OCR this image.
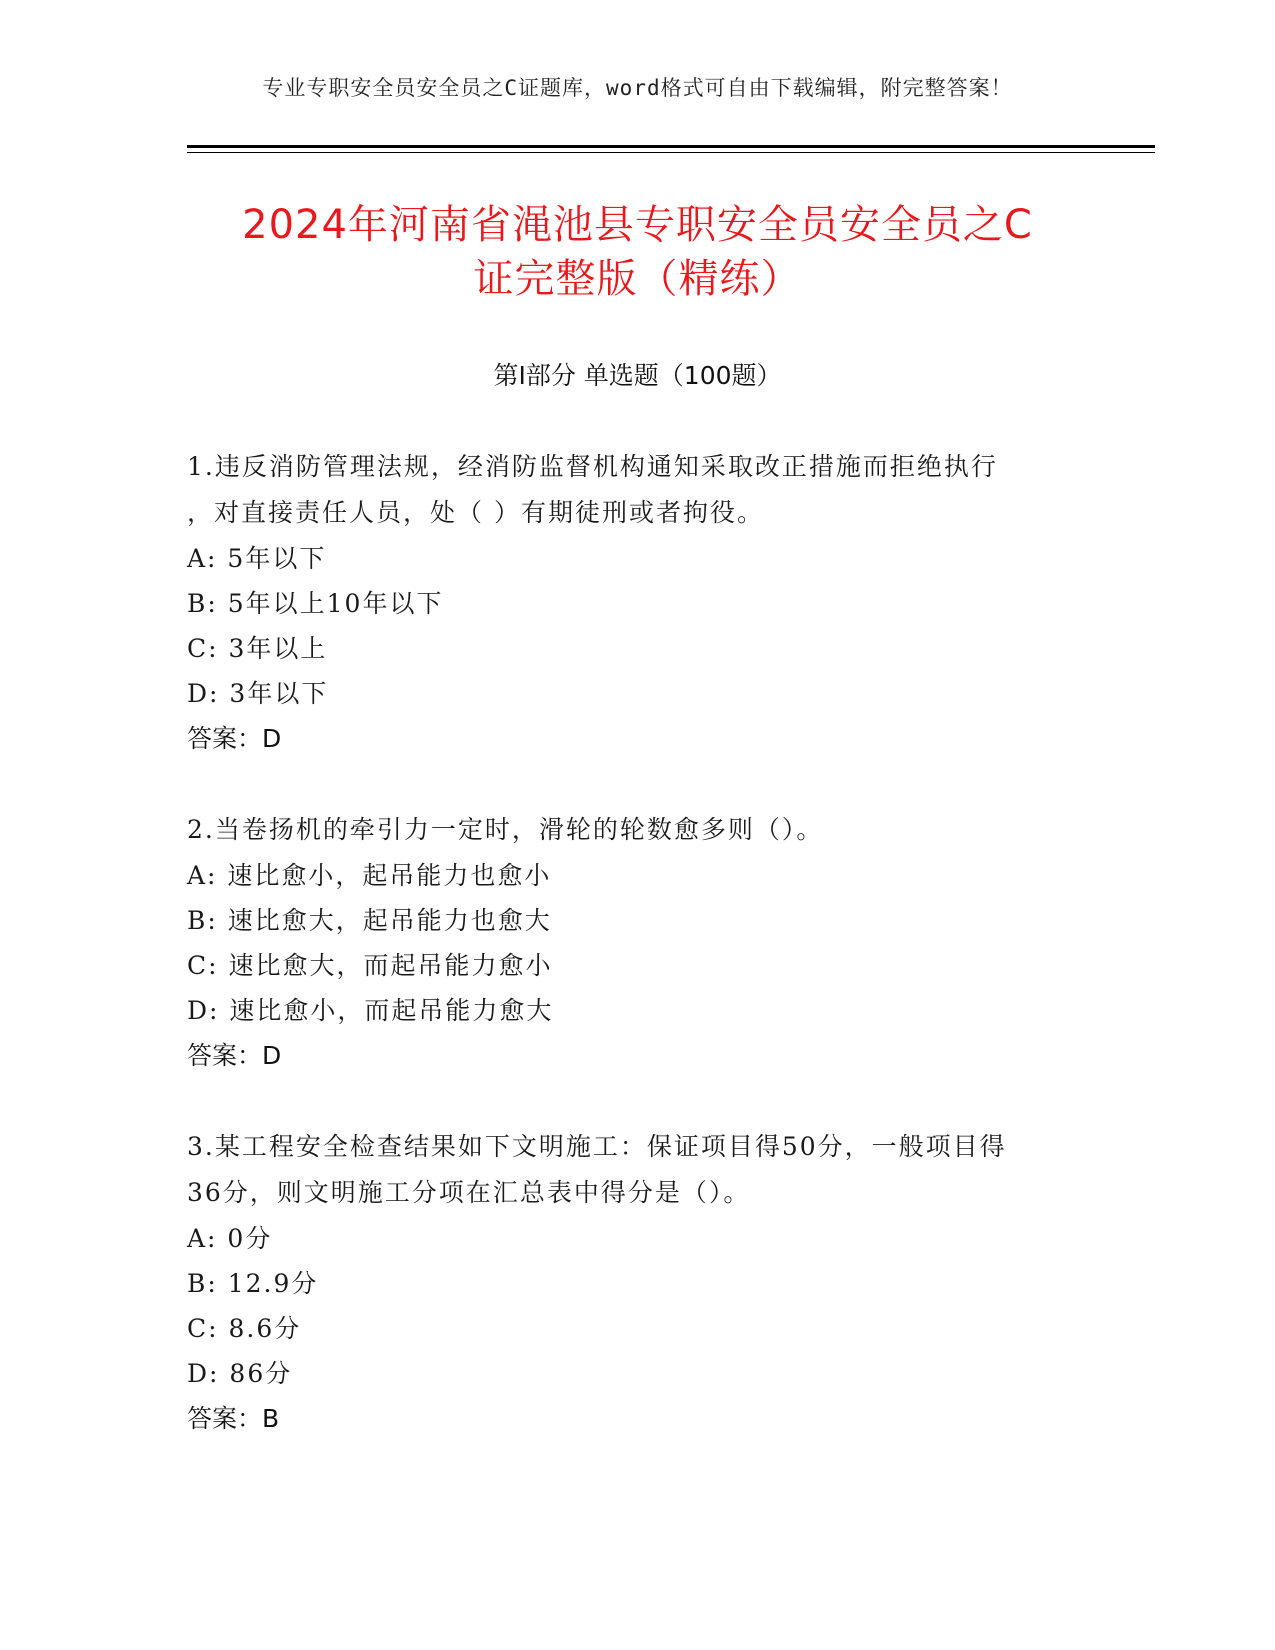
专业专职安全员安全员之C证题库，word格式可自由下载编辑，附完整答案！
2024年河南省渑池县专职安全员安全员之C
证完整版（精练）
第I部分 单选题（100题）

1.违反消防管理法规，经消防监督机构通知采取改正措施而拒绝执行

，对直接责任人员，处（ ）有期徒刑或者拘役。

A: 5年以下

B: 5年以上10年以下

C: 3年以上

D: 3年以下

答案：D

2.当卷扬机的牵引力一定时，滑轮的轮数愈多则（）。

A: 速比愈小，起吊能力也愈小

B: 速比愈大，起吊能力也愈大

C: 速比愈大，而起吊能力愈小

D: 速比愈小，而起吊能力愈大

答案：D

3.某工程安全检查结果如下文明施工：保证项目得50分，一般项目得

36分，则文明施工分项在汇总表中得分是（）。

A: 0分

B: 12.9分

C: 8.6分

D: 86分

答案：B
